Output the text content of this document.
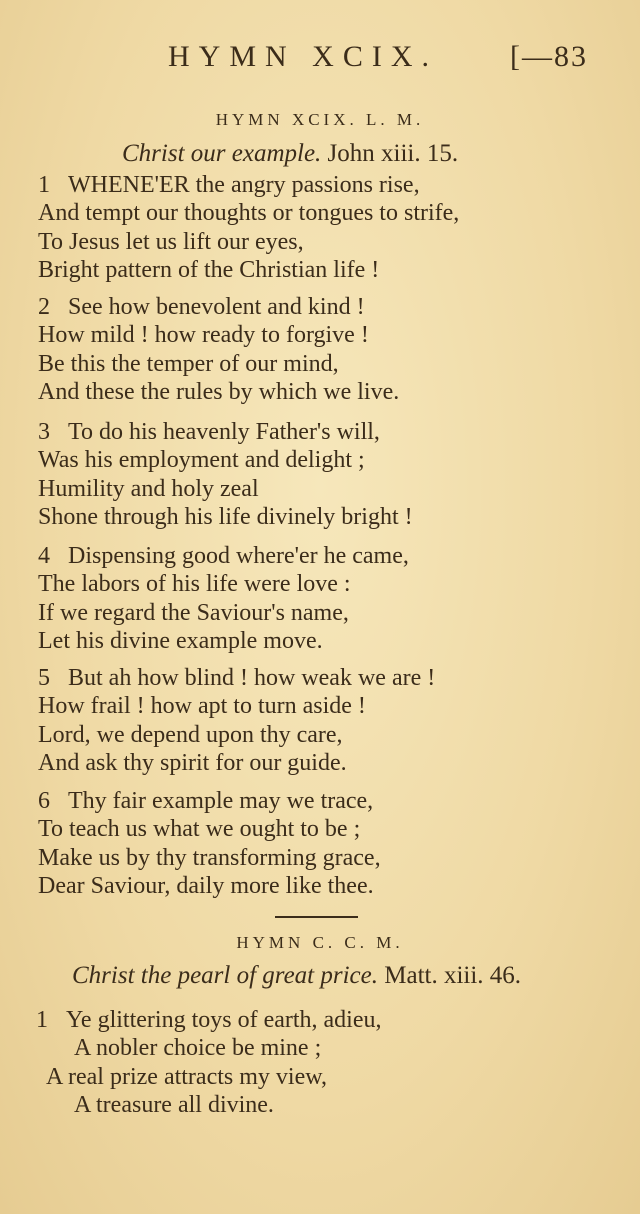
HYMN XCIX. [—83
HYMN XCIX. L. M.
Christ our example. John xiii. 15.
1 WHENE'ER the angry passions rise,
And tempt our thoughts or tongues to strife,
To Jesus let us lift our eyes,
Bright pattern of the Christian life !
2 See how benevolent and kind !
How mild ! how ready to forgive !
Be this the temper of our mind,
And these the rules by which we live.
3 To do his heavenly Father's will,
Was his employment and delight ;
Humility and holy zeal
Shone through his life divinely bright !
4 Dispensing good where'er he came,
The labors of his life were love :
If we regard the Saviour's name,
Let his divine example move.
5 But ah how blind ! how weak we are !
How frail ! how apt to turn aside !
Lord, we depend upon thy care,
And ask thy spirit for our guide.
6 Thy fair example may we trace,
To teach us what we ought to be ;
Make us by thy transforming grace,
Dear Saviour, daily more like thee.
HYMN C. C. M.
Christ the pearl of great price. Matt. xiii. 46.
1 Ye glittering toys of earth, adieu,
A nobler choice be mine ;
A real prize attracts my view,
A treasure all divine.
